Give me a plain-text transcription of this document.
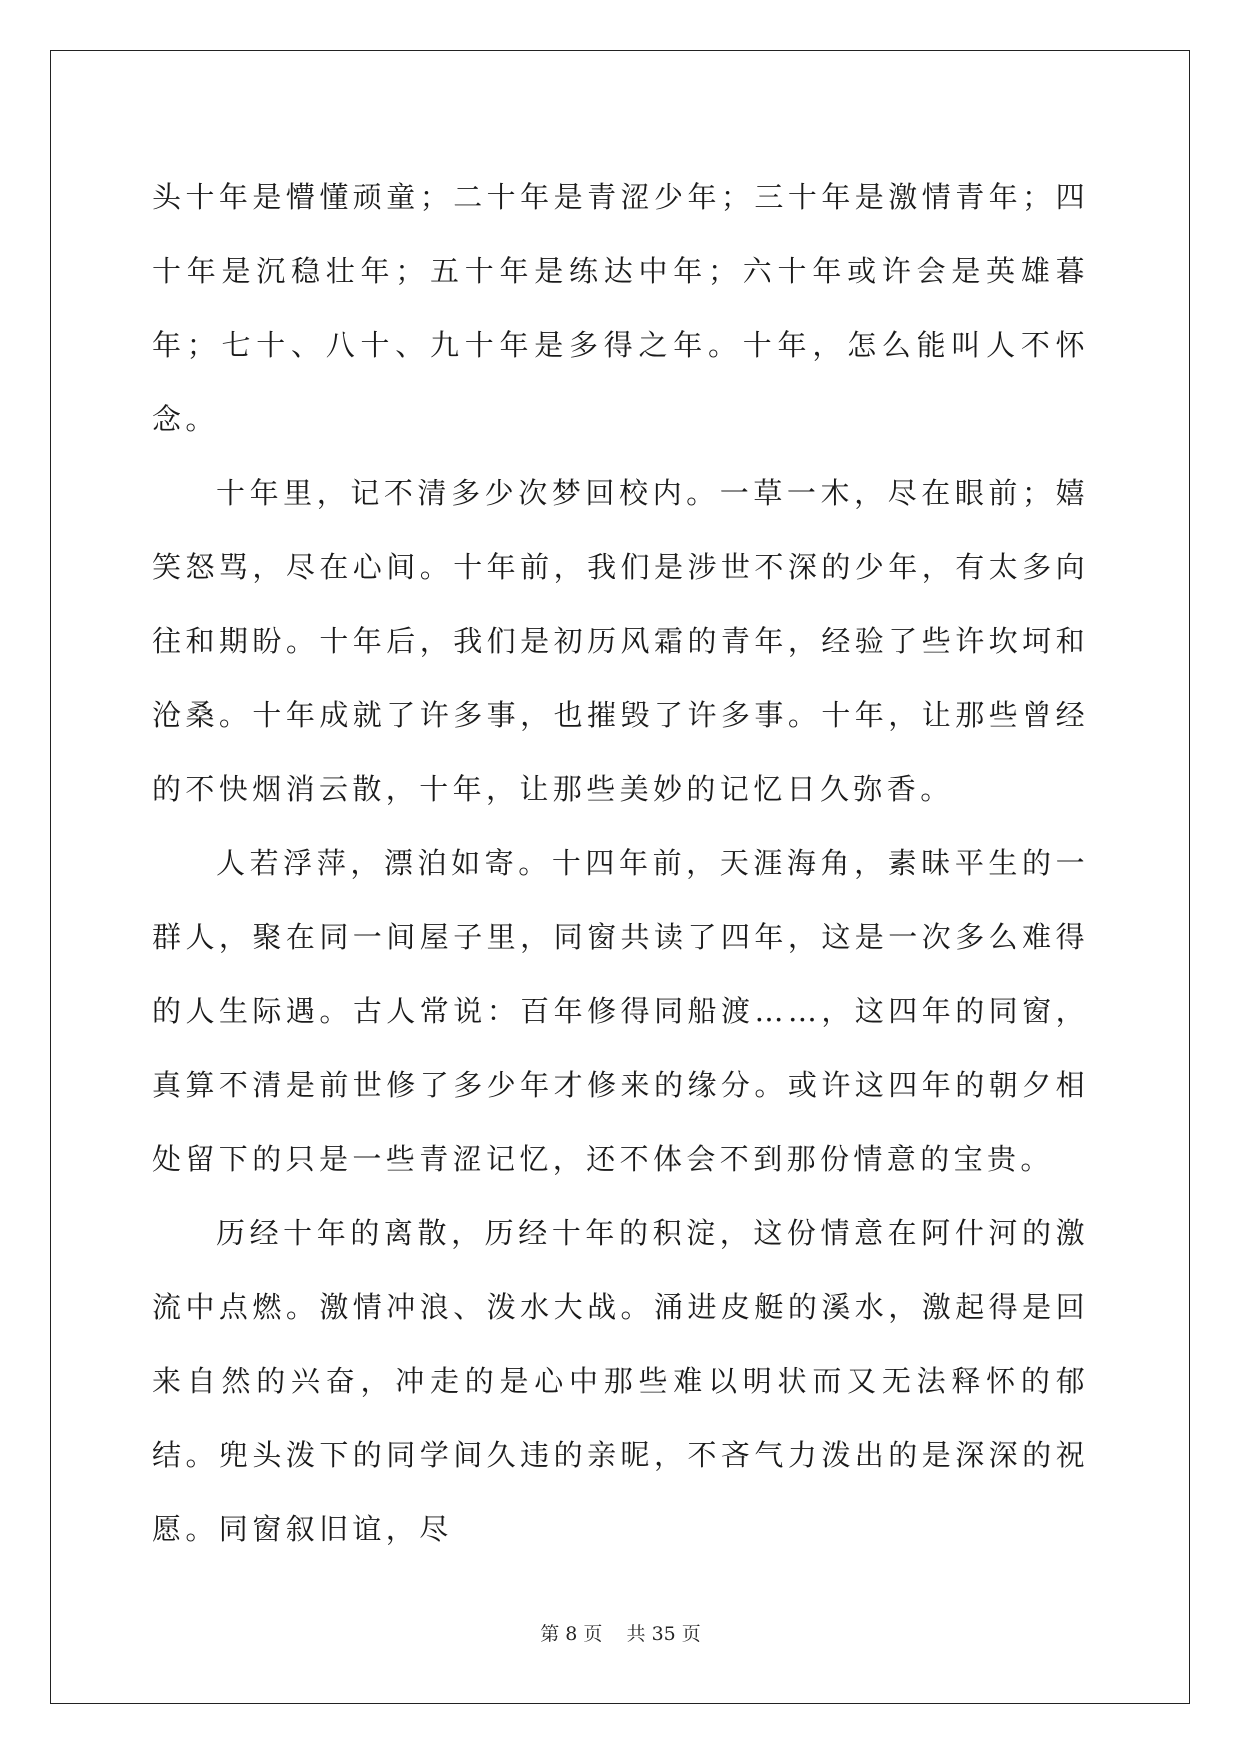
头十年是懵懂顽童；二十年是青涩少年；三十年是激情青年；四十年是沉稳壮年；五十年是练达中年；六十年或许会是英雄暮年；七十、八十、九十年是多得之年。十年，怎么能叫人不怀念。

十年里，记不清多少次梦回校内。一草一木，尽在眼前；嬉笑怒骂，尽在心间。十年前，我们是涉世不深的少年，有太多向往和期盼。十年后，我们是初历风霜的青年，经验了些许坎坷和沧桑。十年成就了许多事，也摧毁了许多事。十年，让那些曾经的不快烟消云散，十年，让那些美妙的记忆日久弥香。

人若浮萍，漂泊如寄。十四年前，天涯海角，素昧平生的一群人，聚在同一间屋子里，同窗共读了四年，这是一次多么难得的人生际遇。古人常说：百年修得同船渡……，这四年的同窗，真算不清是前世修了多少年才修来的缘分。或许这四年的朝夕相处留下的只是一些青涩记忆，还不体会不到那份情意的宝贵。

历经十年的离散，历经十年的积淀，这份情意在阿什河的激流中点燃。激情冲浪、泼水大战。涌进皮艇的溪水，激起得是回来自然的兴奋，冲走的是心中那些难以明状而又无法释怀的郁结。兜头泼下的同学间久违的亲昵，不吝气力泼出的是深深的祝愿。同窗叙旧谊，尽

第 8 页 共 35 页
